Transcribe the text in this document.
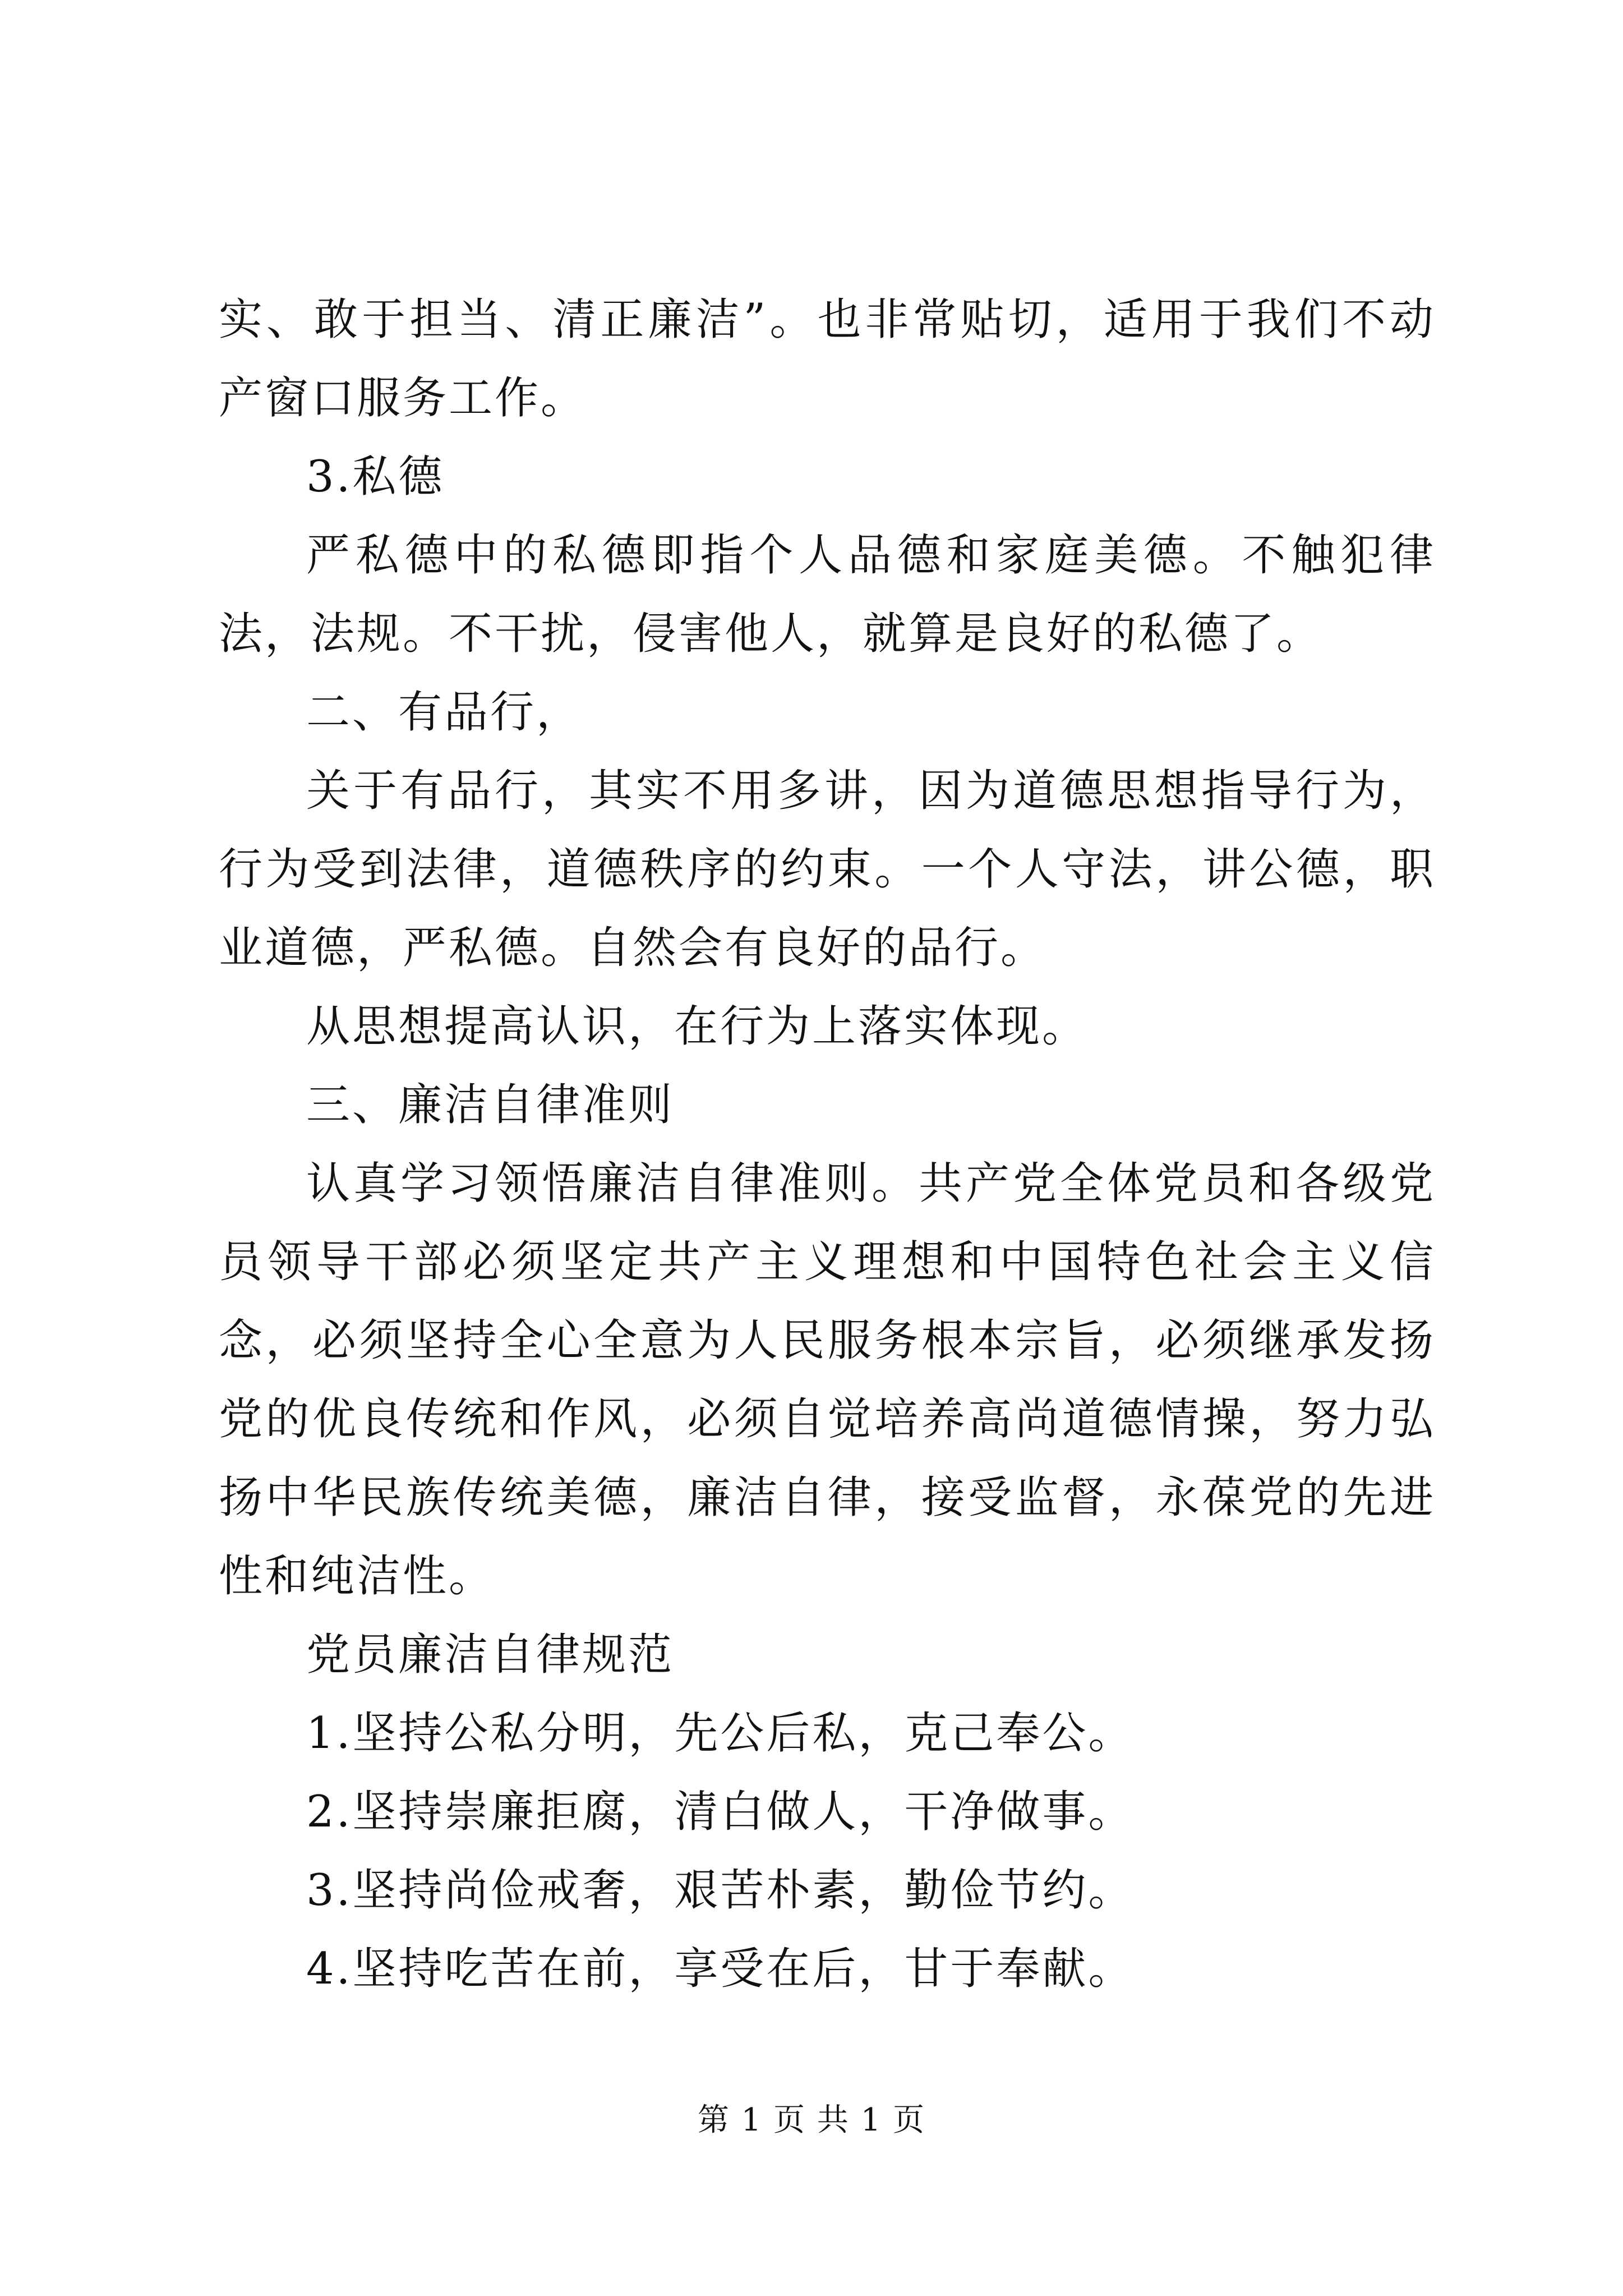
实、敢于担当、清正廉洁”。也非常贴切，适用于我们不动产窗口服务工作。

3.私德

严私德中的私德即指个人品德和家庭美德。不触犯律法，法规。不干扰，侵害他人，就算是良好的私德了。

二、有品行，

关于有品行，其实不用多讲，因为道德思想指导行为，行为受到法律，道德秩序的约束。一个人守法，讲公德，职业道德，严私德。自然会有良好的品行。

从思想提高认识，在行为上落实体现。

三、廉洁自律准则

认真学习领悟廉洁自律准则。共产党全体党员和各级党员领导干部必须坚定共产主义理想和中国特色社会主义信念，必须坚持全心全意为人民服务根本宗旨，必须继承发扬党的优良传统和作风，必须自觉培养高尚道德情操，努力弘扬中华民族传统美德，廉洁自律，接受监督，永葆党的先进性和纯洁性。

党员廉洁自律规范

1.坚持公私分明，先公后私，克己奉公。

2.坚持崇廉拒腐，清白做人，干净做事。

3.坚持尚俭戒奢，艰苦朴素，勤俭节约。

4.坚持吃苦在前，享受在后，甘于奉献。

第 1 页 共 1 页
